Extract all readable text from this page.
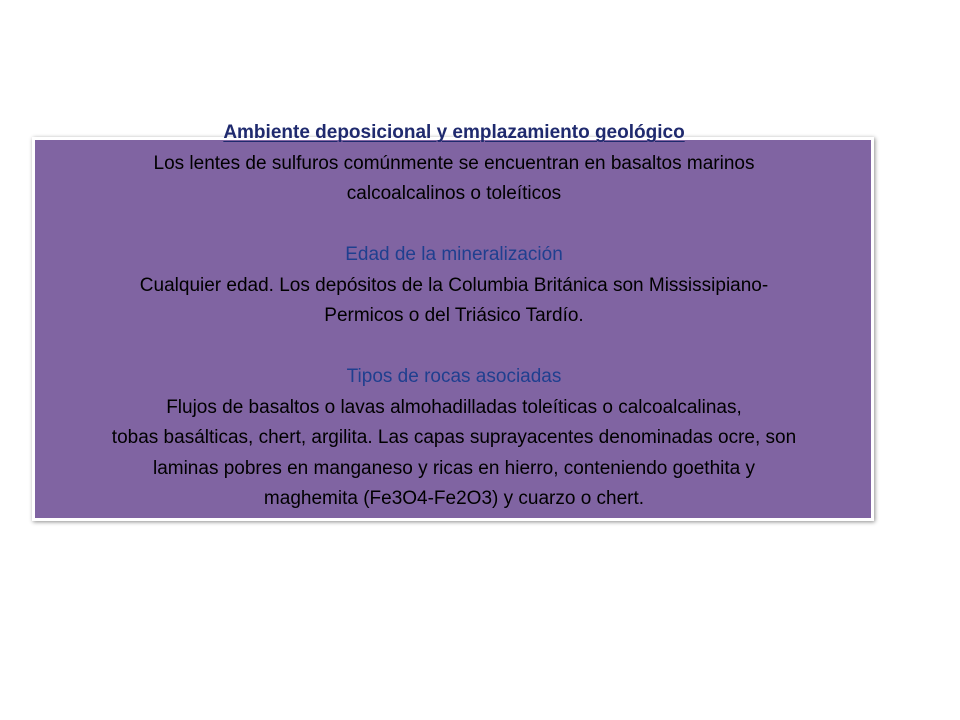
Ambiente deposicional y emplazamiento geológico
Los lentes de sulfuros comúnmente se encuentran en basaltos marinos
calcoalcalinos o toleíticos
Edad de la mineralización
Cualquier edad. Los depósitos de la Columbia Británica son Mississipiano-
Permicos o del Triásico Tardío.
Tipos de rocas asociadas
Flujos de basaltos o lavas almohadilladas toleíticas o calcoalcalinas,
tobas basálticas, chert, argilita. Las capas suprayacentes denominadas ocre, son
laminas pobres en manganeso y ricas en hierro, conteniendo goethita y
maghemita (Fe3O4-Fe2O3) y cuarzo o chert.
